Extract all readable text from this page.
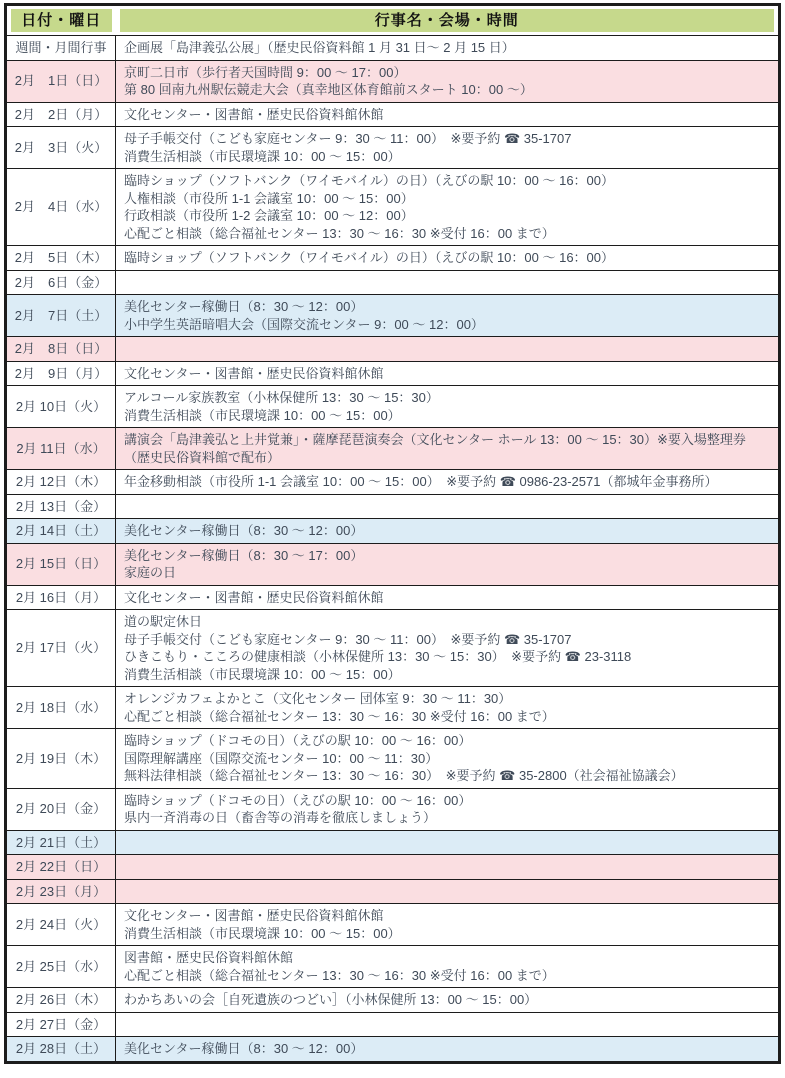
日付・曜日	行事名・会場・時間

週間・月間行事	企画展「島津義弘公展」（歴史民俗資料館 1 月 31 日～ 2 月 15 日）

2月　1日（日）	京町二日市（歩行者天国時間 9：00 ～ 17：00）
第 80 回南九州駅伝競走大会（真幸地区体育館前スタート 10：00 ～）

2月　2日（月）	文化センター・図書館・歴史民俗資料館休館

2月　3日（火）	母子手帳交付（こども家庭センター 9：30 ～ 11：00）　※要予約 ☎ 35-1707
消費生活相談（市民環境課 10：00 ～ 15：00）

2月　4日（水）	臨時ショップ（ソフトバンク（ワイモバイル）の日）（えびの駅 10：00 ～ 16：00）
人権相談（市役所 1-1 会議室 10：00 ～ 15：00）
行政相談（市役所 1-2 会議室 10：00 ～ 12：00）
心配ごと相談（総合福祉センター 13：30 ～ 16：30 ※受付 16：00 まで）

2月　5日（木）	臨時ショップ（ソフトバンク（ワイモバイル）の日）（えびの駅 10：00 ～ 16：00）

2月　6日（金）	
2月　7日（土）	美化センター稼働日（8：30 ～ 12：00）
小中学生英語暗唱大会（国際交流センター 9：00 ～ 12：00）

2月　8日（日）	
2月　9日（月）	文化センター・図書館・歴史民俗資料館休館

2月 10日（火）	アルコール家族教室（小林保健所 13：30 ～ 15：30）
消費生活相談（市民環境課 10：00 ～ 15：00）

2月 11日（水）	講演会「島津義弘と上井覚兼」・薩摩琵琶演奏会（文化センター ホール 13：00 ～ 15：30）※要入場整理券（歴史民俗資料館で配布）

2月 12日（木）	年金移動相談（市役所 1-1 会議室 10：00 ～ 15：00）　※要予約 ☎ 0986-23-2571（都城年金事務所）

2月 13日（金）	
2月 14日（土）	美化センター稼働日（8：30 ～ 12：00）

2月 15日（日）	美化センター稼働日（8：30 ～ 17：00）
家庭の日

2月 16日（月）	文化センター・図書館・歴史民俗資料館休館

2月 17日（火）	道の駅定休日
母子手帳交付（こども家庭センター 9：30 ～ 11：00）　※要予約 ☎ 35-1707
ひきこもり・こころの健康相談（小林保健所 13：30 ～ 15：30）　※要予約 ☎ 23-3118
消費生活相談（市民環境課 10：00 ～ 15：00）

2月 18日（水）	オレンジカフェよかとこ（文化センター 団体室 9：30 ～ 11：30）
心配ごと相談（総合福祉センター 13：30 ～ 16：30 ※受付 16：00 まで）

2月 19日（木）	臨時ショップ（ドコモの日）（えびの駅 10：00 ～ 16：00）
国際理解講座（国際交流センター 10：00 ～ 11：30）
無料法律相談（総合福祉センター 13：30 ～ 16：30）　※要予約 ☎ 35-2800（社会福祉協議会）

2月 20日（金）	臨時ショップ（ドコモの日）（えびの駅 10：00 ～ 16：00）
県内一斉消毒の日（畜舎等の消毒を徹底しましょう）

2月 21日（土）	
2月 22日（日）	
2月 23日（月）	
2月 24日（火）	文化センター・図書館・歴史民俗資料館休館
消費生活相談（市民環境課 10：00 ～ 15：00）

2月 25日（水）	図書館・歴史民俗資料館休館
心配ごと相談（総合福祉センター 13：30 ～ 16：30 ※受付 16：00 まで）

2月 26日（木）	わかちあいの会［自死遺族のつどい］（小林保健所 13：00 ～ 15：00）

2月 27日（金）	
2月 28日（土）	美化センター稼働日（8：30 ～ 12：00）
